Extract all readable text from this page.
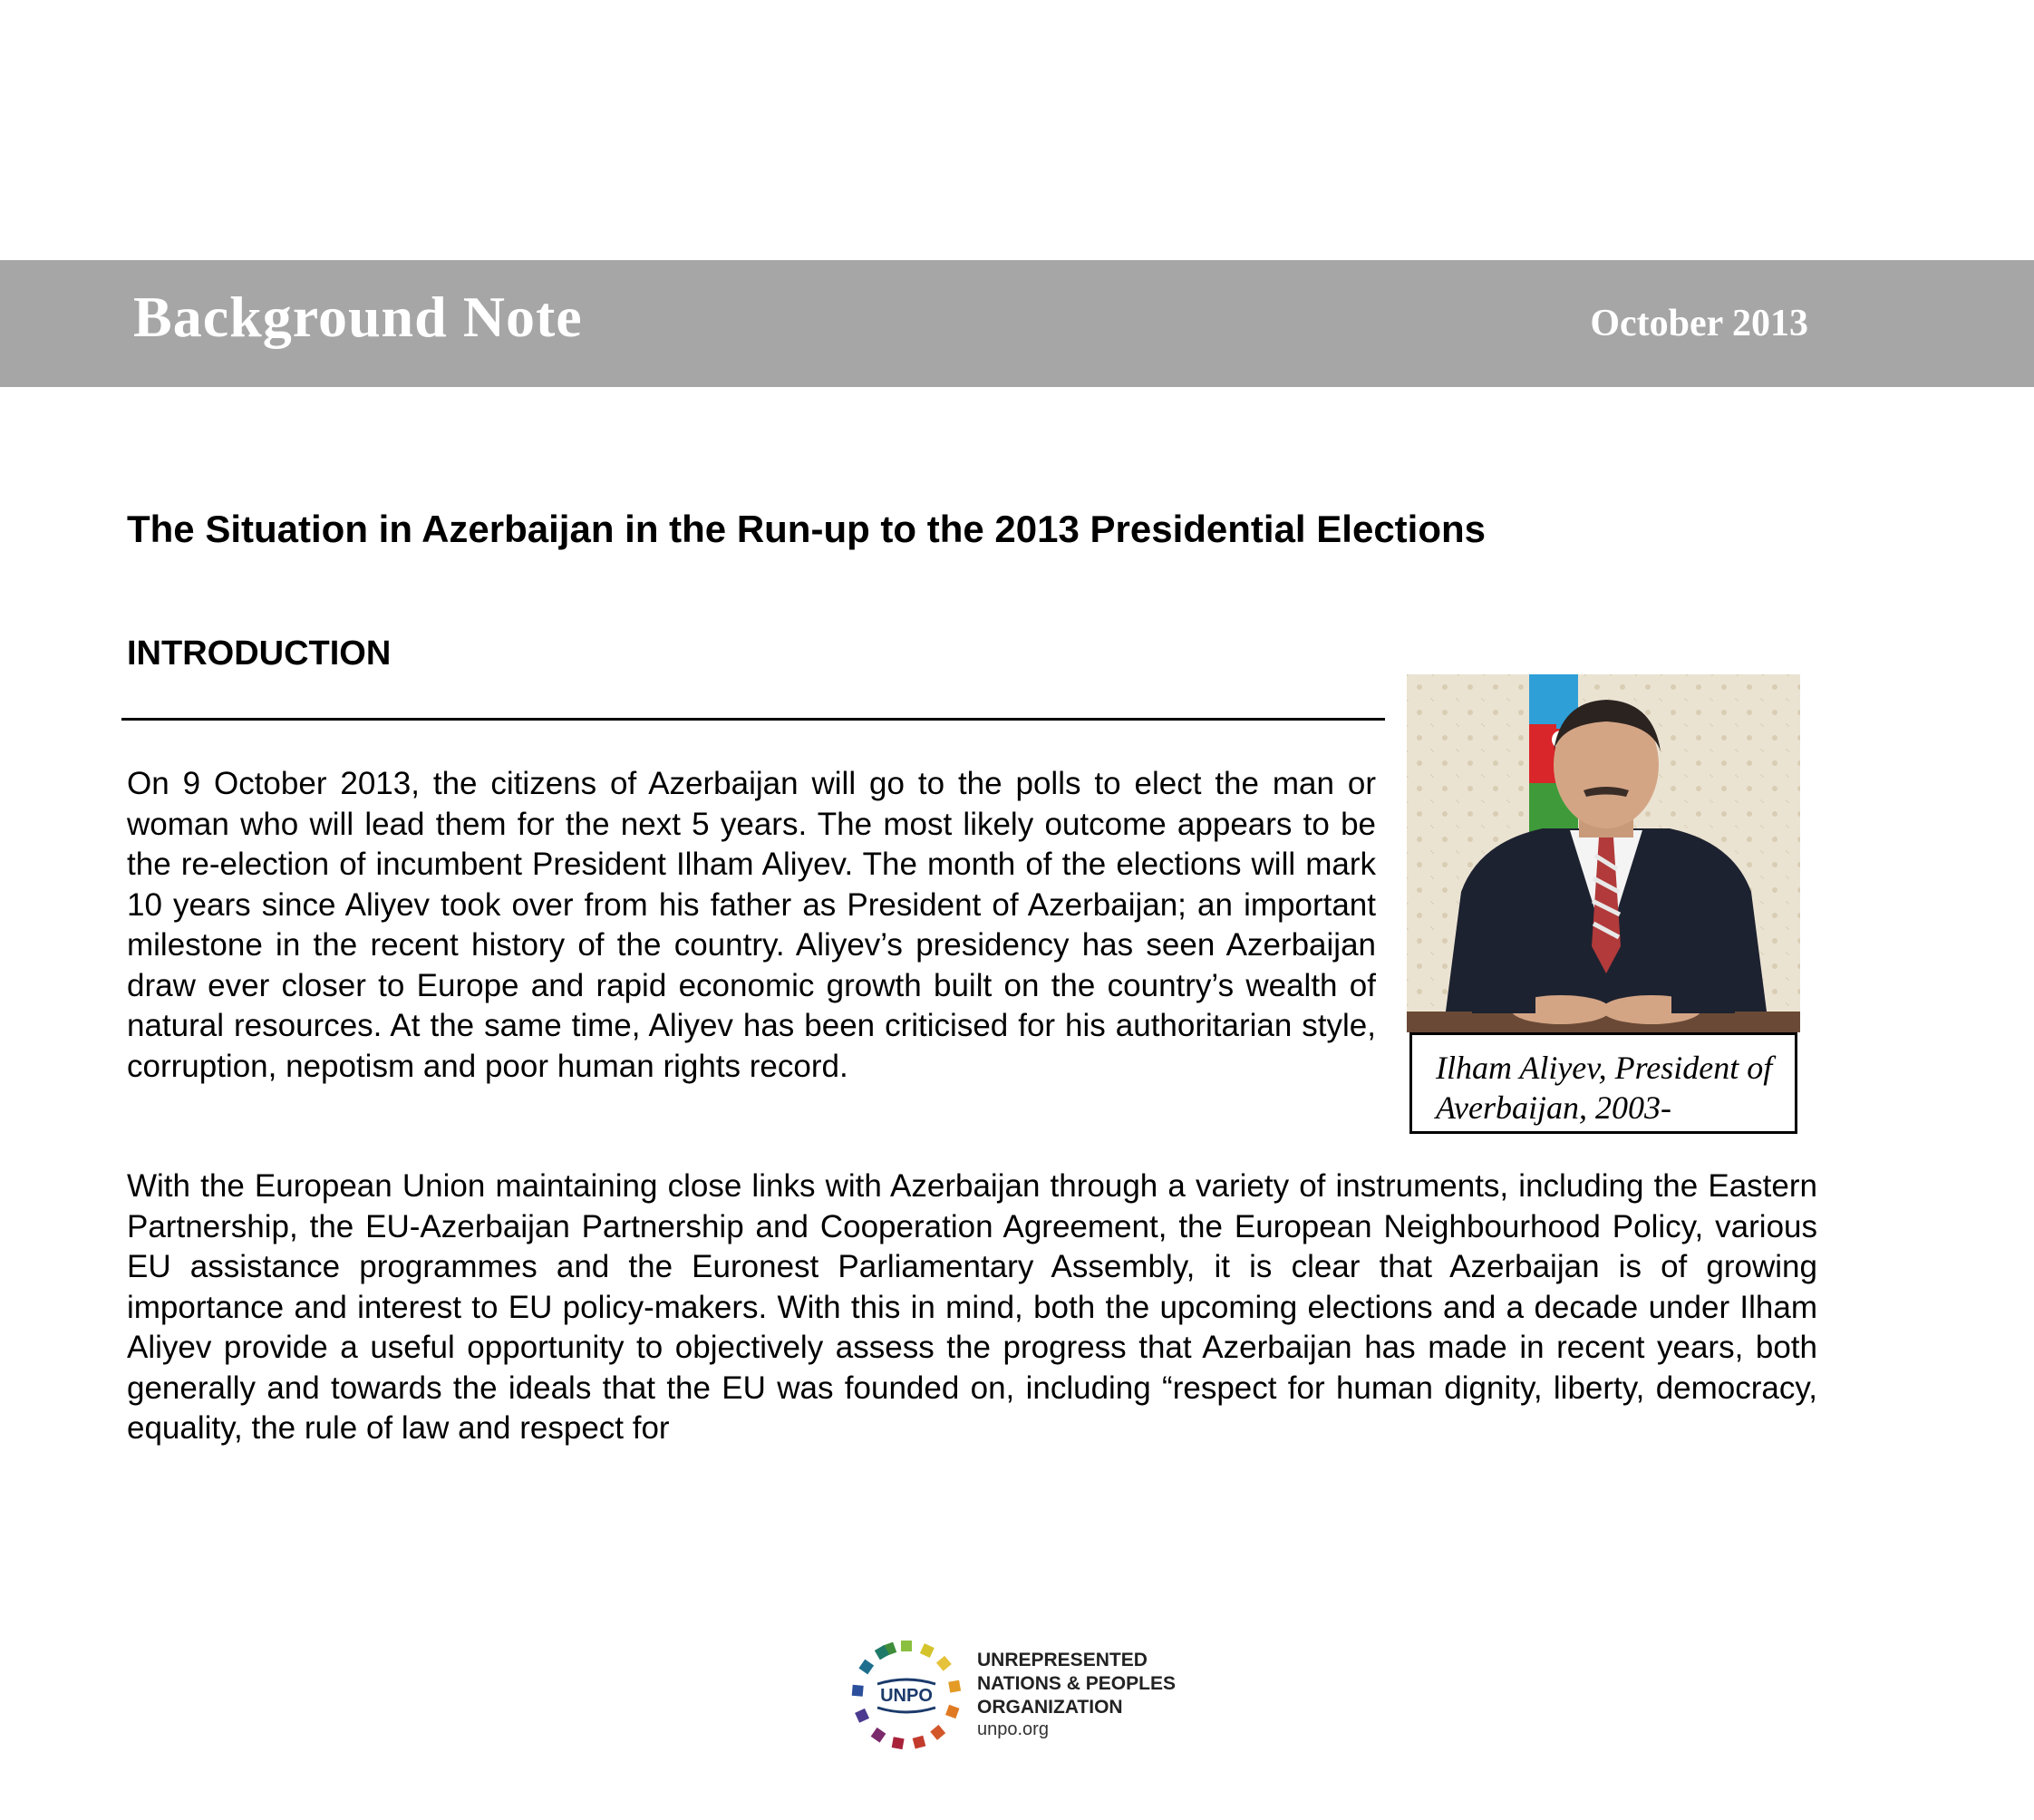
Background Note	October 2013
The Situation in Azerbaijan in the Run-up to the 2013 Presidential Elections
INTRODUCTION

On 9 October 2013, the citizens of Azerbaijan will go to the polls to elect the man or woman who will lead them for the next 5 years. The most likely outcome appears to be the re-election of incumbent President Ilham Aliyev. The month of the elections will mark 10 years since Aliyev took over from his father as President of Azerbaijan; an important milestone in the recent history of the country. Aliyev’s presidency has seen Azerbaijan draw ever closer to Europe and rapid economic growth built on the country’s wealth of natural resources. At the same time, Aliyev has been criticised for his authoritarian style, corruption, nepotism and poor human rights record.	Ilham Aliyev, President of Averbaijan, 2003-

With the European Union maintaining close links with Azerbaijan through a variety of instruments, including the Eastern Partnership, the EU-Azerbaijan Partnership and Cooperation Agreement, the European Neighbourhood Policy, various EU assistance programmes and the Euronest Parliamentary Assembly, it is clear that Azerbaijan is of growing importance and interest to EU policy-makers. With this in mind, both the upcoming elections and a decade under Ilham Aliyev provide a useful opportunity to objectively assess the progress that Azerbaijan has made in recent years, both generally and towards the ideals that the EU was founded on, including “respect for human dignity, liberty, democracy, equality, the rule of law and respect for

UNPO
UNREPRESENTED
NATIONS & PEOPLES
ORGANIZATION
unpo.org
